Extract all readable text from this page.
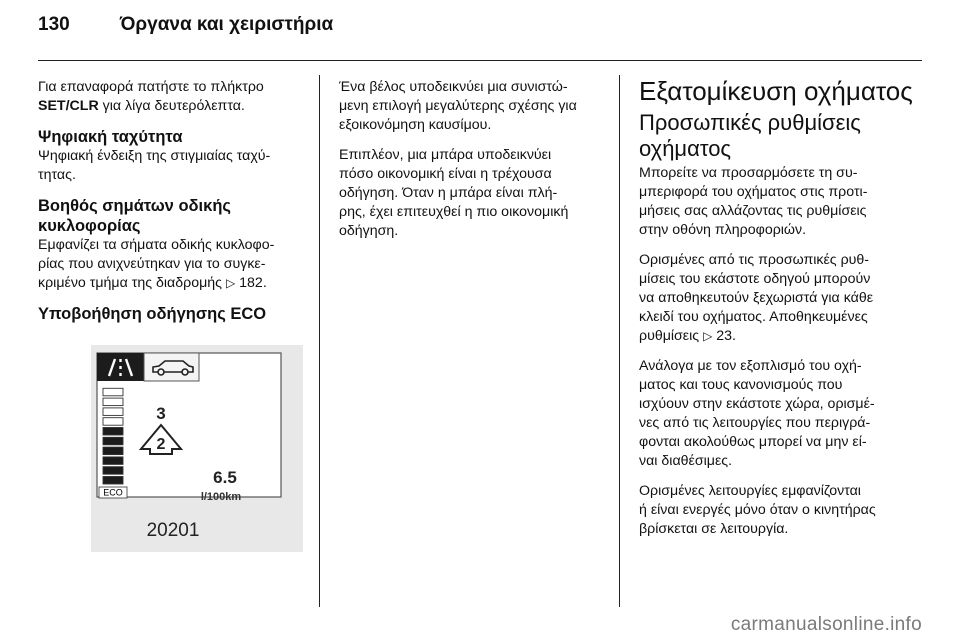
130	Όργανα και χειριστήρια

Για επαναφορά πατήστε το πλήκτρο
SET/CLR για λίγα δευτερόλεπτα.

Ψηφιακή ταχύτητα

Ψηφιακή ένδειξη της στιγμιαίας ταχύ-
τητας.

Βοηθός σημάτων οδικής
κυκλοφορίας

Εμφανίζει τα σήματα οδικής κυκλοφο-
ρίας που ανιχνεύτηκαν για το συγκε-
κριμένο τμήμα της διαδρομής ▷ 182.

Υποβοήθηση οδήγησης ECO
ECO
3
2
6.5
l/100km
20201

Ένα βέλος υποδεικνύει μια συνιστώ-
μενη επιλογή μεγαλύτερης σχέσης για
εξοικονόμηση καυσίμου.

Επιπλέον, μια μπάρα υποδεικνύει
πόσο οικονομική είναι η τρέχουσα
οδήγηση. Όταν η μπάρα είναι πλή-
ρης, έχει επιτευχθεί η πιο οικονομική
οδήγηση.

Εξατομίκευση οχήματος
Προσωπικές ρυθμίσεις
οχήματος

Μπορείτε να προσαρμόσετε τη συ-
μπεριφορά του οχήματος στις προτι-
μήσεις σας αλλάζοντας τις ρυθμίσεις
στην οθόνη πληροφοριών.

Ορισμένες από τις προσωπικές ρυθ-
μίσεις του εκάστοτε οδηγού μπορούν
να αποθηκευτούν ξεχωριστά για κάθε
κλειδί του οχήματος. Αποθηκευμένες
ρυθμίσεις ▷ 23.

Ανάλογα με τον εξοπλισμό του οχή-
ματος και τους κανονισμούς που
ισχύουν στην εκάστοτε χώρα, ορισμέ-
νες από τις λειτουργίες που περιγρά-
φονται ακολούθως μπορεί να μην εί-
ναι διαθέσιμες.

Ορισμένες λειτουργίες εμφανίζονται
ή είναι ενεργές μόνο όταν ο κινητήρας
βρίσκεται σε λειτουργία.

carmanualsonline.info
